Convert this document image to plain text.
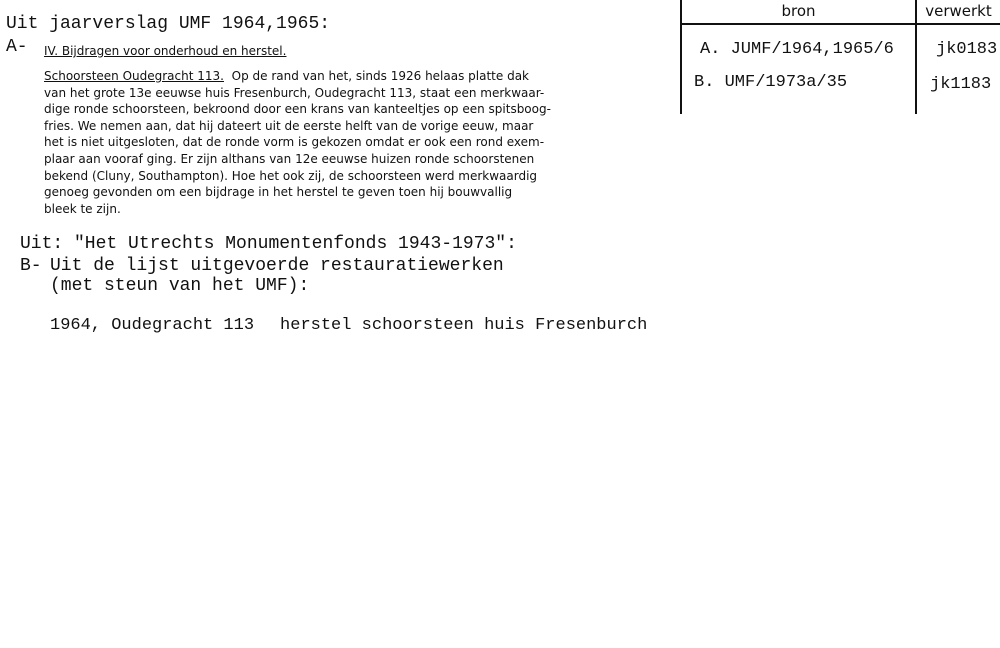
Uit jaarverslag UMF 1964,1965:
A- IV. Bijdragen voor onderhoud en herstel.
Schoorsteen Oudegracht 113. Op de rand van het, sinds 1926 helaas platte dak
van het grote 13e eeuwse huis Fresenburch, Oudegracht 113, staat een merkwaar-
dige ronde schoorsteen, bekroond door een krans van kanteeltjes op een spitsboog-
fries. We nemen aan, dat hij dateert uit de eerste helft van de vorige eeuw, maar
het is niet uitgesloten, dat de ronde vorm is gekozen omdat er ook een rond exem-
plaar aan vooraf ging. Er zijn althans van 12e eeuwse huizen ronde schoorstenen
bekend (Cluny, Southampton). Hoe het ook zij, de schoorsteen werd merkwaardig
genoeg gevonden om een bijdrage in het herstel te geven toen hij bouwvallig
bleek te zijn.
Uit: "Het Utrechts Monumentenfonds 1943-1973":
B- Uit de lijst uitgevoerde restauratiewerken
(met steun van het UMF):
1964, Oudegracht 113 herstel schoorsteen huis Fresenburch
bron	verwerkt
A. JUMF/1964,1965/6 jk0183
B. UMF/1973a/35	jk1183
